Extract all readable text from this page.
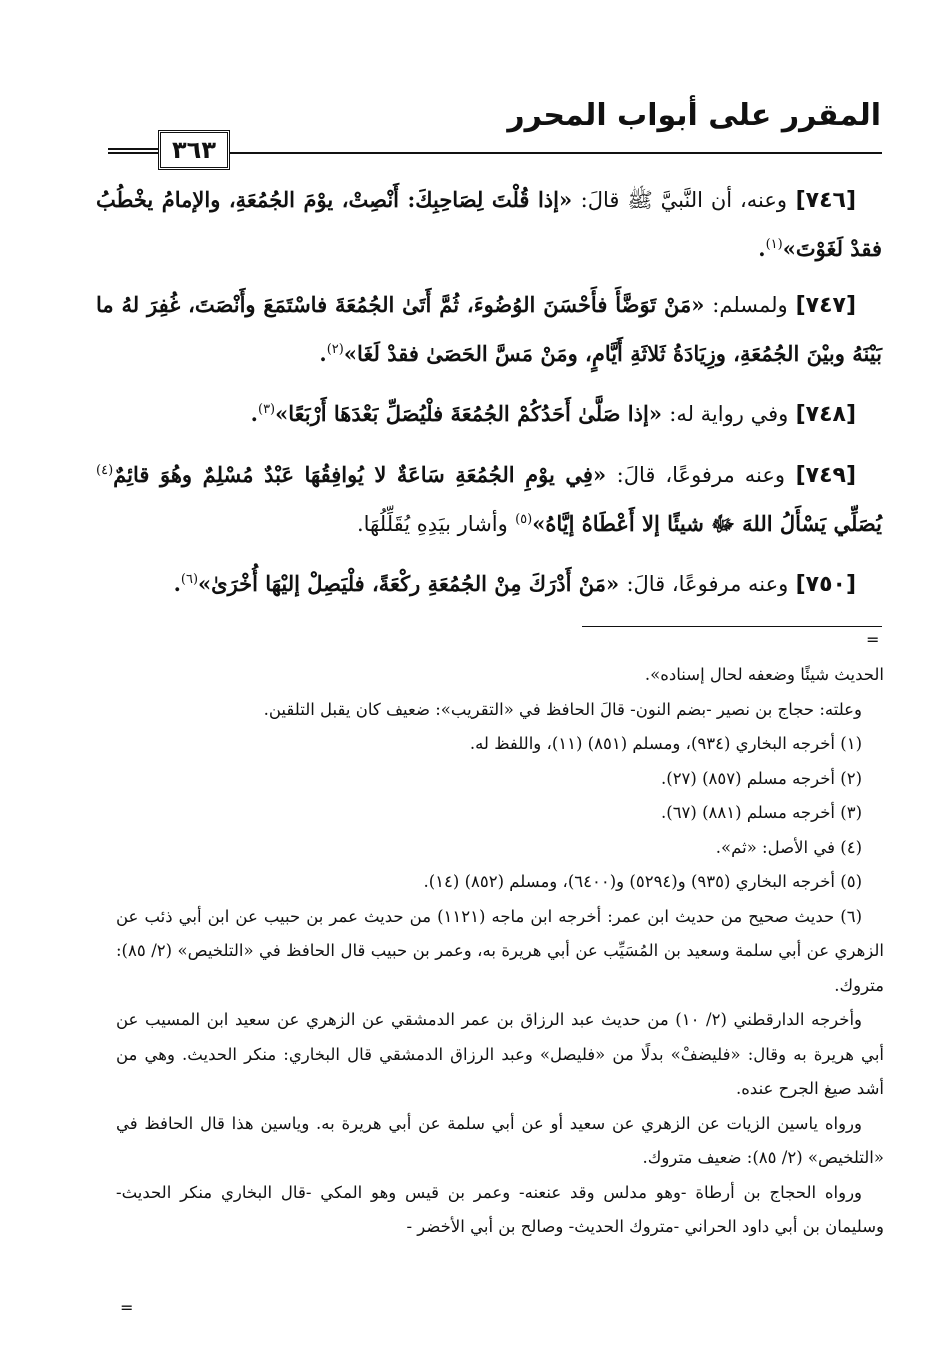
المقرر على أبواب المحرر
٣٦٣

[٧٤٦] وعنه، أن النَّبيَّ ﷺ قالَ: «إذا قُلْتَ لِصَاحِبِكَ: أَنْصِتْ، يوْمَ الجُمُعَةِ، والإمامُ يخْطُبُ فقدْ لَغَوْتَ»$^{(١)}$.

[٧٤٧] ولمسلم: «مَنْ تَوَضَّأَ فأَحْسَنَ الوُضُوءَ، ثُمَّ أَتَىٰ الجُمُعَةَ فاسْتَمَعَ وأَنْصَتَ، غُفِرَ لهُ ما بَيْنَهُ وبيْنَ الجُمُعَةِ، وزِيَادَةُ ثَلاثَةِ أَيَّامٍ، ومَنْ مَسَّ الحَصَىٰ فقدْ لَغَا»$^{(٢)}$.

[٧٤٨] وفي رواية له: «إذا صَلَّىٰ أَحَدُكُمْ الجُمُعَةَ فلْيُصَلِّ بَعْدَهَا أَرْبَعًا»$^{(٣)}$.

[٧٤٩] وعنه مرفوعًا، قالَ: «فِي يوْمِ الجُمُعَةِ سَاعَةٌ لا يُوافِقُهَا عَبْدٌ مُسْلِمٌ وهُوَ قائِمٌ$^{(٤)}$ يُصَلِّي يَسْأَلُ اللهَ ﷻ شيئًا إلا أَعْطَاهُ إيَّاهُ»$^{(٥)}$ وأشار بيَدِهِ يُقَلِّلُهَا.

[٧٥٠] وعنه مرفوعًا، قالَ: «مَنْ أَدْرَكَ مِنْ الجُمُعَةِ ركْعَةً، فلْيَصِلْ إليْهَا أُخْرَىٰ»$^{(٦)}$.

=

الحديث شيئًا وضعفه لحال إسناده».

وعلته: حجاج بن نصير -بضم النون- قالَ الحافظ في «التقريب»: ضعيف كان يقبل التلقين.

(١) أخرجه البخاري (٩٣٤)، ومسلم (٨٥١) (١١)، واللفظ له.

(٢) أخرجه مسلم (٨٥٧) (٢٧).

(٣) أخرجه مسلم (٨٨١) (٦٧).

(٤) في الأصل: «ثم».

(٥) أخرجه البخاري (٩٣٥) و(٥٢٩٤) و(٦٤٠٠)، ومسلم (٨٥٢) (١٤).

(٦) حديث صحيح من حديث ابن عمر: أخرجه ابن ماجه (١١٢١) من حديث عمر بن حبيب عن ابن أبي ذئب عن الزهري عن أبي سلمة وسعيد بن المُسَيِّب عن أبي هريرة به، وعمر بن حبيب قال الحافظ في «التلخيص» (٢/ ٨٥): متروك.

وأخرجه الدارقطني (٢/ ١٠) من حديث عبد الرزاق بن عمر الدمشقي عن الزهري عن سعيد ابن المسيب عن أبي هريرة به وقال: «فليضفْ» بدلًا من «فليصل» وعبد الرزاق الدمشقي قال البخاري: منكر الحديث. وهي من أشد صيغ الجرح عنده.

ورواه ياسين الزيات عن الزهري عن سعيد أو عن أبي سلمة عن أبي هريرة به. وياسين هذا قال الحافظ في «التلخيص» (٢/ ٨٥): ضعيف متروك.

ورواه الحجاج بن أرطاة -وهو مدلس وقد عنعنه- وعمر بن قيس وهو المكي -قال البخاري منكر الحديث- وسليمان بن أبي داود الحراني -متروك الحديث- وصالح بن أبي الأخضر -

=
